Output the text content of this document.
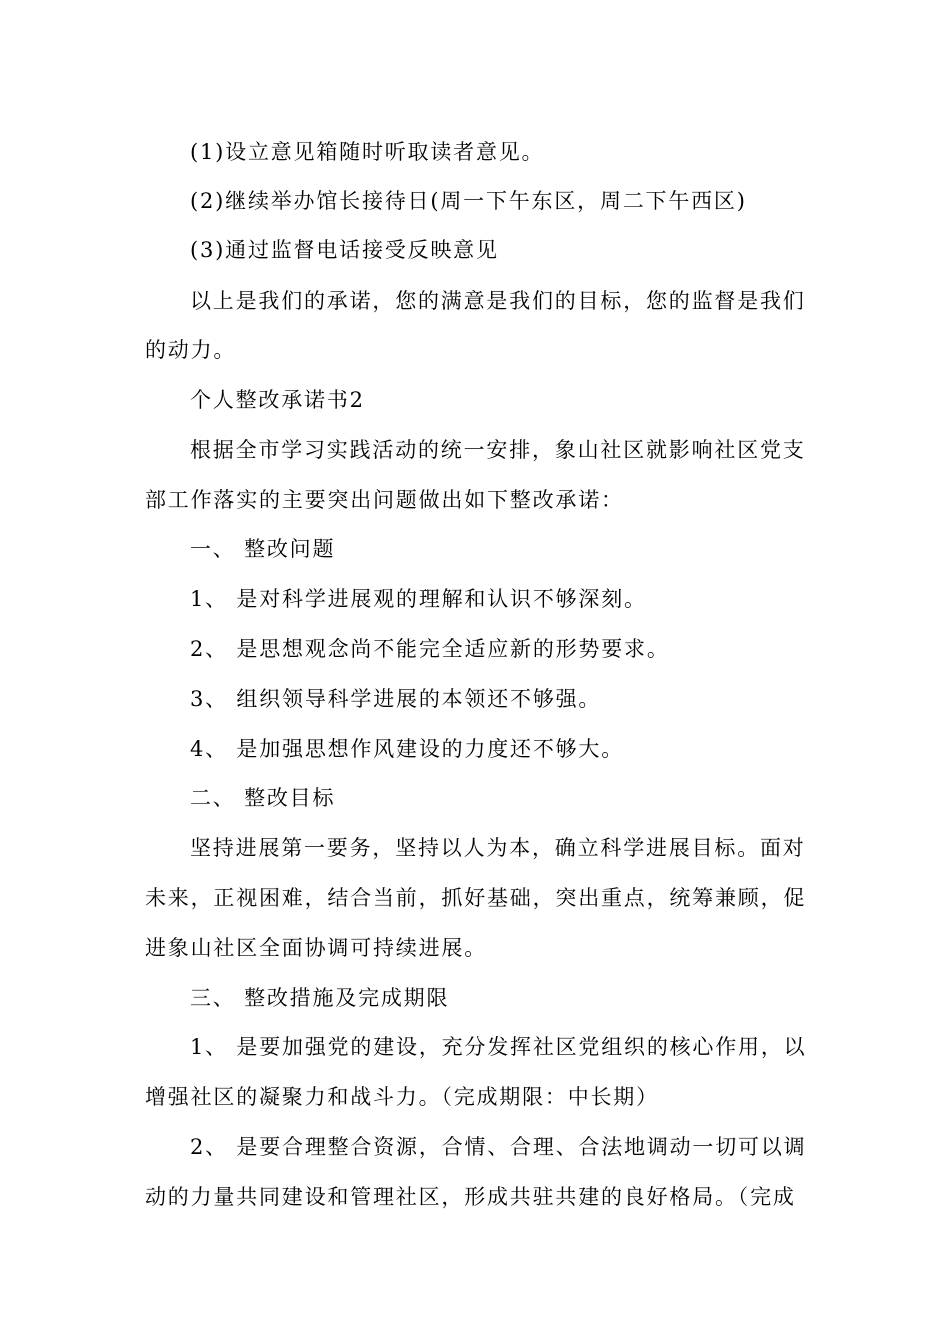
(1)设立意见箱随时听取读者意见。
(2)继续举办馆长接待日(周一下午东区，周二下午西区)
(3)通过监督电话接受反映意见
以上是我们的承诺，您的满意是我们的目标，您的监督是我们
的动力。
个人整改承诺书2
根据全市学习实践活动的统一安排，象山社区就影响社区党支
部工作落实的主要突出问题做出如下整改承诺：
一、 整改问题
1、 是对科学进展观的理解和认识不够深刻。
2、 是思想观念尚不能完全适应新的形势要求。
3、 组织领导科学进展的本领还不够强。
4、 是加强思想作风建设的力度还不够大。
二、 整改目标
坚持进展第一要务，坚持以人为本，确立科学进展目标。面对
未来，正视困难，结合当前，抓好基础，突出重点，统筹兼顾，促
进象山社区全面协调可持续进展。
三、 整改措施及完成期限
1、 是要加强党的建设，充分发挥社区党组织的核心作用，以
增强社区的凝聚力和战斗力。（完成期限：中长期）
2、 是要合理整合资源，合情、合理、合法地调动一切可以调
动的力量共同建设和管理社区，形成共驻共建的良好格局。（完成
